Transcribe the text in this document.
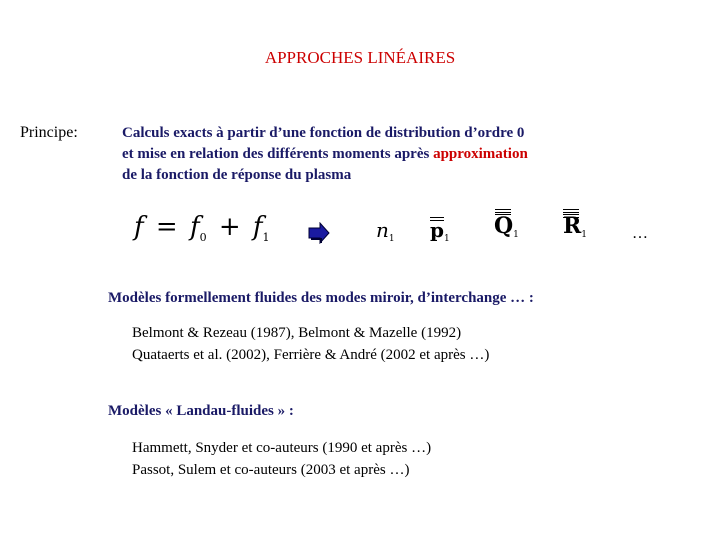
APPROCHES LINÉAIRES
Principe:	Calculs exacts à partir d’une fonction de distribution d’ordre 0
et mise en relation des différents moments après approximation
de la fonction de réponse du plasma
$f = f_0 + f_1$	$n_1$ $p_1$ Q1 R1	…
Modèles formellement fluides des modes miroir, d’interchange … :
Belmont & Rezeau (1987), Belmont & Mazelle (1992)
Quataerts et al. (2002), Ferrière & André (2002 et après …)
Modèles « Landau-fluides » :
Hammett, Snyder et co-auteurs (1990 et après …)
Passot, Sulem et co-auteurs (2003 et après …)
